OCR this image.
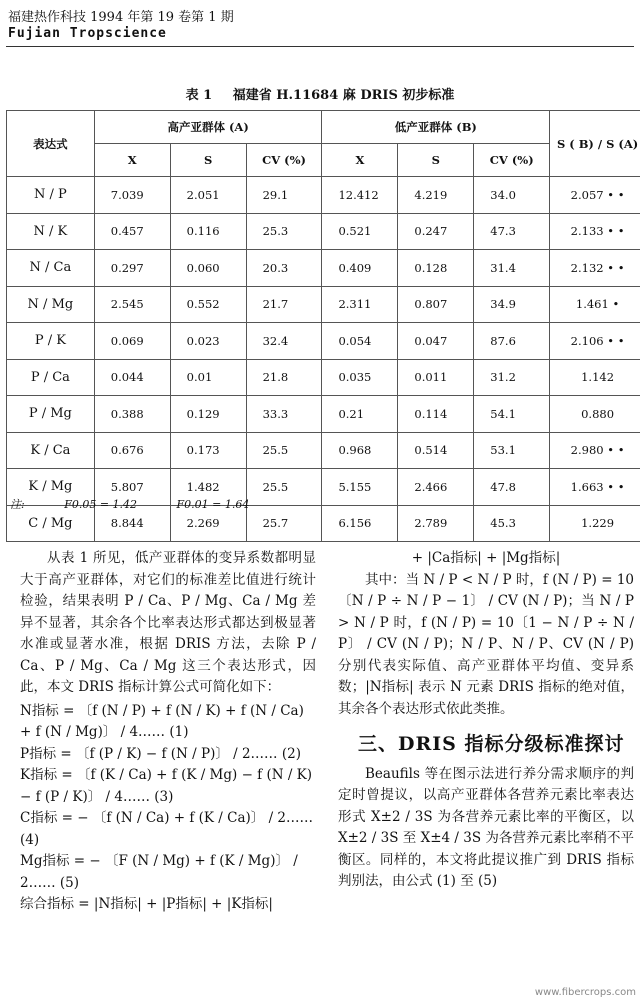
福建热作科技 1994 年第 19 卷第 1 期
Fujian Tropscience
表 1 福建省 H.11684 麻 DRIS 初步标准
表达式	高产亚群体 (A)			低产亚群体 (B)			S ( B) / S (A)
	X	S	CV (%)	X	S	CV (%)	
N / P	7.039	2.051	29.1	12.412	4.219	34.0	2.057 • •
N / K	0.457	0.116	25.3	0.521	0.247	47.3	2.133 • •
N / Ca	0.297	0.060	20.3	0.409	0.128	31.4	2.132 • •
N / Mg	2.545	0.552	21.7	2.311	0.807	34.9	1.461 •
P / K	0.069	0.023	32.4	0.054	0.047	87.6	2.106 • •
P / Ca	0.044	0.01	21.8	0.035	0.011	31.2	1.142
P / Mg	0.388	0.129	33.3	0.21	0.114	54.1	0.880
K / Ca	0.676	0.173	25.5	0.968	0.514	53.1	2.980 • •
K / Mg	5.807	1.482	25.5	5.155	2.466	47.8	1.663 • •
C / Mg	8.844	2.269	25.7	6.156	2.789	45.3	1.229
注:	F0.05 = 1.42	F0.01 = 1.64

从表 1 所见，低产亚群体的变异系数都明显大于高产亚群体，对它们的标准差比值进行统计检验，结果表明 P / Ca、P / Mg、Ca / Mg 差异不显著，其余各个比率表达形式都达到极显著水准或显著水准，根据 DRIS 方法，去除 P / Ca、P / Mg、Ca / Mg 这三个表达形式，因此，本文 DRIS 指标计算公式可简化如下：

N指标 = 〔f (N / P) + f (N / K) + f (N / Ca) + f (N / Mg)〕 / 4…… (1)

P指标 = 〔f (P / K) − f (N / P)〕 / 2…… (2)

K指标 = 〔f (K / Ca) + f (K / Mg) − f (N / K) − f (P / K)〕 / 4…… (3)

C指标 = − 〔f (N / Ca) + f (K / Ca)〕 / 2…… (4)

Mg指标 = − 〔F (N / Mg) + f (K / Mg)〕 / 2…… (5)

综合指标 = |N指标| + |P指标| + |K指标|

+ |Ca指标| + |Mg指标|

其中：当 N / P < N / P 时，f (N / P) = 10〔N / P ÷ N / P − 1〕 / CV (N / P)；当 N / P > N / P 时，f (N / P) = 10〔1 − N / P ÷ N / P〕 / CV (N / P)；N / P、N / P、CV (N / P) 分别代表实际值、高产亚群体平均值、变异系数；|N指标| 表示 N 元素 DRIS 指标的绝对值，其余各个表达形式依此类推。

三、DRIS 指标分级标准探讨

Beaufils 等在图示法进行养分需求顺序的判定时曾提议，以高产亚群体各营养元素比率表达形式 X±2 / 3S 为各营养元素比率的平衡区，以 X±2 / 3S 至 X±4 / 3S 为各营养元素比率稍不平衡区。同样的，本文将此提议推广到 DRIS 指标判别法，由公式 (1) 至 (5)

www.fibercrops.com
